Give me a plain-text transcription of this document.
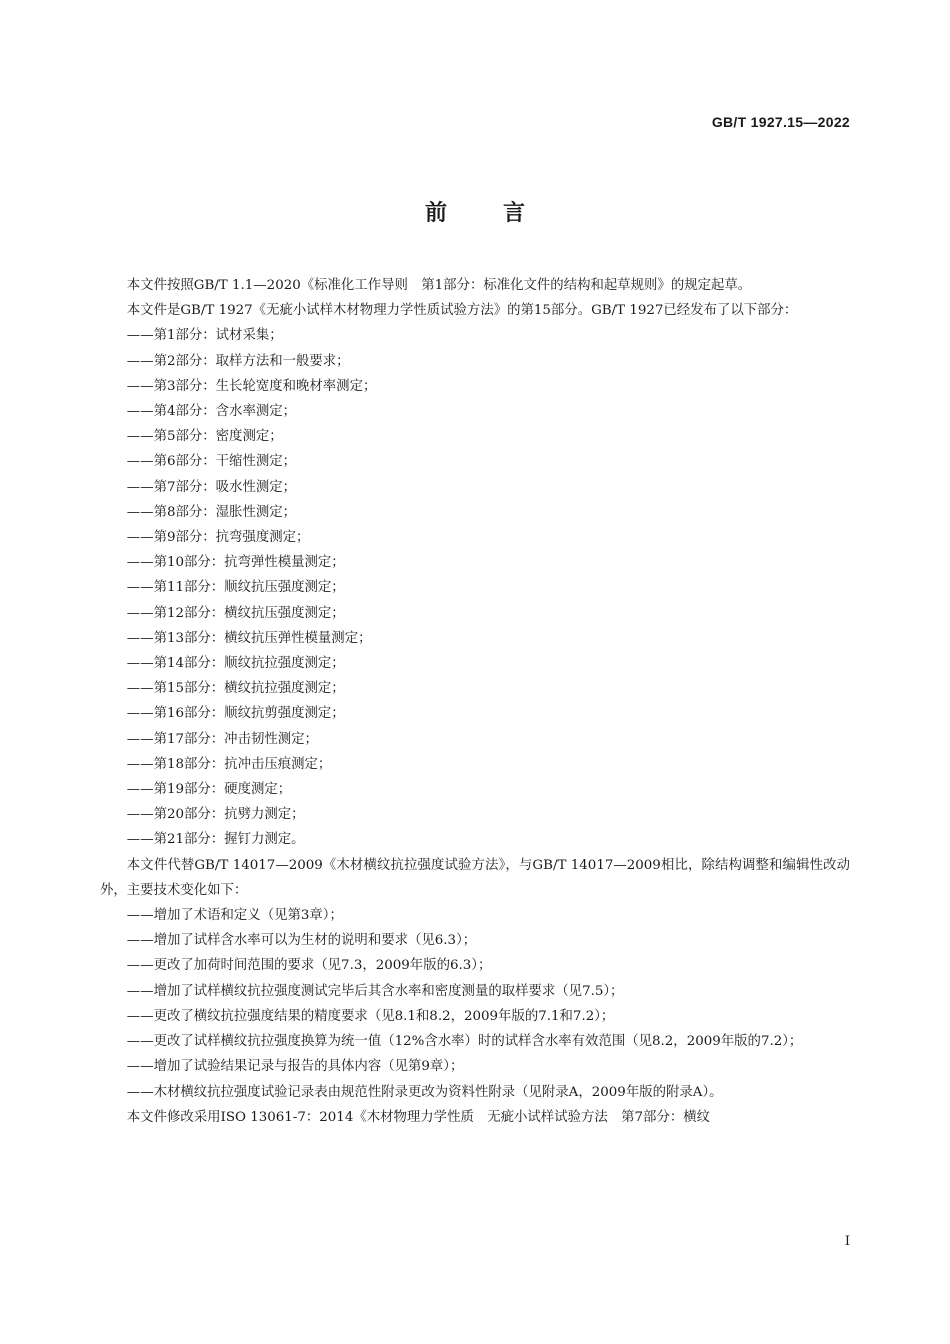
GB/T 1927.15—2022
前言

本文件按照GB/T 1.1—2020《标准化工作导则　第1部分：标准化文件的结构和起草规则》的规定起草。

本文件是GB/T 1927《无疵小试样木材物理力学性质试验方法》的第15部分。GB/T 1927已经发布了以下部分：

——第1部分：试材采集；
——第2部分：取样方法和一般要求；
——第3部分：生长轮宽度和晚材率测定；
——第4部分：含水率测定；
——第5部分：密度测定；
——第6部分：干缩性测定；
——第7部分：吸水性测定；
——第8部分：湿胀性测定；
——第9部分：抗弯强度测定；
——第10部分：抗弯弹性模量测定；
——第11部分：顺纹抗压强度测定；
——第12部分：横纹抗压强度测定；
——第13部分：横纹抗压弹性模量测定；
——第14部分：顺纹抗拉强度测定；
——第15部分：横纹抗拉强度测定；
——第16部分：顺纹抗剪强度测定；
——第17部分：冲击韧性测定；
——第18部分：抗冲击压痕测定；
——第19部分：硬度测定；
——第20部分：抗劈力测定；
——第21部分：握钉力测定。

本文件代替GB/T 14017—2009《木材横纹抗拉强度试验方法》，与GB/T 14017—2009相比，除结构调整和编辑性改动外，主要技术变化如下：

——增加了术语和定义（见第3章）；
——增加了试样含水率可以为生材的说明和要求（见6.3）；
——更改了加荷时间范围的要求（见7.3，2009年版的6.3）；
——增加了试样横纹抗拉强度测试完毕后其含水率和密度测量的取样要求（见7.5）；
——更改了横纹抗拉强度结果的精度要求（见8.1和8.2，2009年版的7.1和7.2）；
——更改了试样横纹抗拉强度换算为统一值（12%含水率）时的试样含水率有效范围（见8.2，2009年版的7.2）；
——增加了试验结果记录与报告的具体内容（见第9章）；
——木材横纹抗拉强度试验记录表由规范性附录更改为资料性附录（见附录A，2009年版的附录A）。

本文件修改采用ISO 13061-7：2014《木材物理力学性质　无疵小试样试验方法　第7部分：横纹

I
